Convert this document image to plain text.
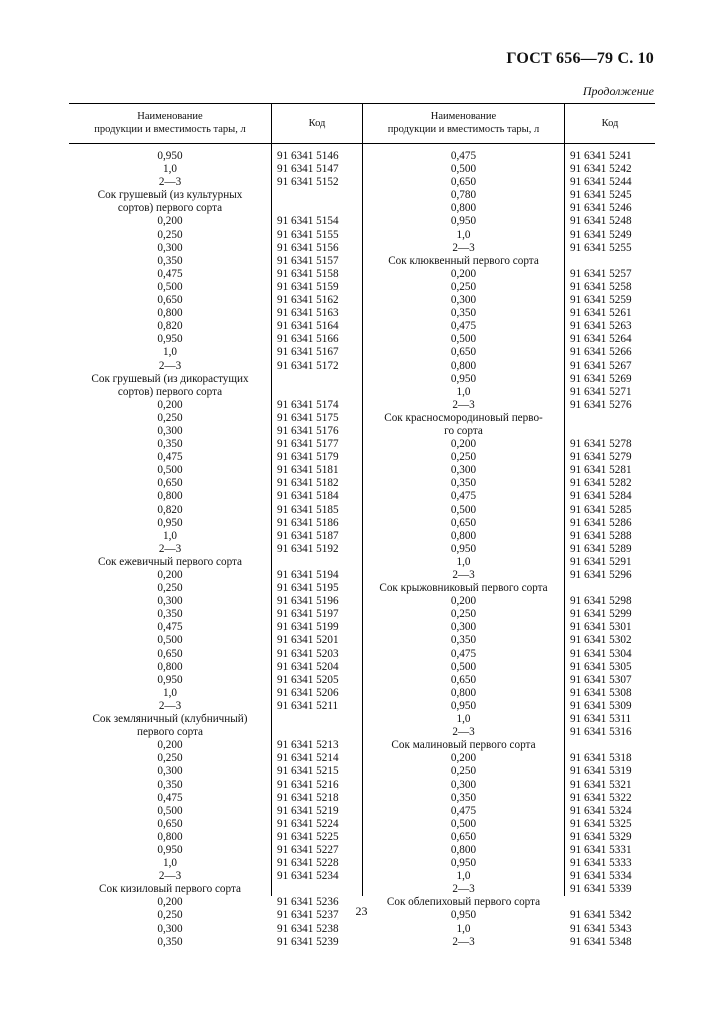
ГОСТ 656—79 С. 10
Продолжение
Наименование
продукции и вместимость тары, л
Код
Наименование
продукции и вместимость тары, л
Код
0,950
1,0
2—3
Сок грушевый (из культурных
сортов) первого сорта
0,200
0,250
0,300
0,350
0,475
0,500
0,650
0,800
0,820
0,950
1,0
2—3
Сок грушевый (из дикорастущих
сортов) первого сорта
0,200
0,250
0,300
0,350
0,475
0,500
0,650
0,800
0,820
0,950
1,0
2—3
Сок ежевичный первого сорта
0,200
0,250
0,300
0,350
0,475
0,500
0,650
0,800
0,950
1,0
2—3
Сок земляничный (клубничный)
первого сорта
0,200
0,250
0,300
0,350
0,475
0,500
0,650
0,800
0,950
1,0
2—3
Сок кизиловый первого сорта
0,200
0,250
0,300
0,350
91 6341 5146
91 6341 5147
91 6341 5152
91 6341 5154
91 6341 5155
91 6341 5156
91 6341 5157
91 6341 5158
91 6341 5159
91 6341 5162
91 6341 5163
91 6341 5164
91 6341 5166
91 6341 5167
91 6341 5172
91 6341 5174
91 6341 5175
91 6341 5176
91 6341 5177
91 6341 5179
91 6341 5181
91 6341 5182
91 6341 5184
91 6341 5185
91 6341 5186
91 6341 5187
91 6341 5192
91 6341 5194
91 6341 5195
91 6341 5196
91 6341 5197
91 6341 5199
91 6341 5201
91 6341 5203
91 6341 5204
91 6341 5205
91 6341 5206
91 6341 5211
91 6341 5213
91 6341 5214
91 6341 5215
91 6341 5216
91 6341 5218
91 6341 5219
91 6341 5224
91 6341 5225
91 6341 5227
91 6341 5228
91 6341 5234
91 6341 5236
91 6341 5237
91 6341 5238
91 6341 5239
0,475
0,500
0,650
0,780
0,800
0,950
1,0
2—3
Сок клюквенный первого сорта
0,200
0,250
0,300
0,350
0,475
0,500
0,650
0,800
0,950
1,0
2—3
Сок красносмородиновый перво-
го сорта
0,200
0,250
0,300
0,350
0,475
0,500
0,650
0,800
0,950
1,0
2—3
Сок крыжовниковый первого сорта
0,200
0,250
0,300
0,350
0,475
0,500
0,650
0,800
0,950
1,0
2—3
Сок малиновый первого сорта
0,200
0,250
0,300
0,350
0,475
0,500
0,650
0,800
0,950
1,0
2—3
Сок облепиховый первого сорта
0,950
1,0
2—3
91 6341 5241
91 6341 5242
91 6341 5244
91 6341 5245
91 6341 5246
91 6341 5248
91 6341 5249
91 6341 5255
91 6341 5257
91 6341 5258
91 6341 5259
91 6341 5261
91 6341 5263
91 6341 5264
91 6341 5266
91 6341 5267
91 6341 5269
91 6341 5271
91 6341 5276
91 6341 5278
91 6341 5279
91 6341 5281
91 6341 5282
91 6341 5284
91 6341 5285
91 6341 5286
91 6341 5288
91 6341 5289
91 6341 5291
91 6341 5296
91 6341 5298
91 6341 5299
91 6341 5301
91 6341 5302
91 6341 5304
91 6341 5305
91 6341 5307
91 6341 5308
91 6341 5309
91 6341 5311
91 6341 5316
91 6341 5318
91 6341 5319
91 6341 5321
91 6341 5322
91 6341 5324
91 6341 5325
91 6341 5329
91 6341 5331
91 6341 5333
91 6341 5334
91 6341 5339
91 6341 5342
91 6341 5343
91 6341 5348
23
